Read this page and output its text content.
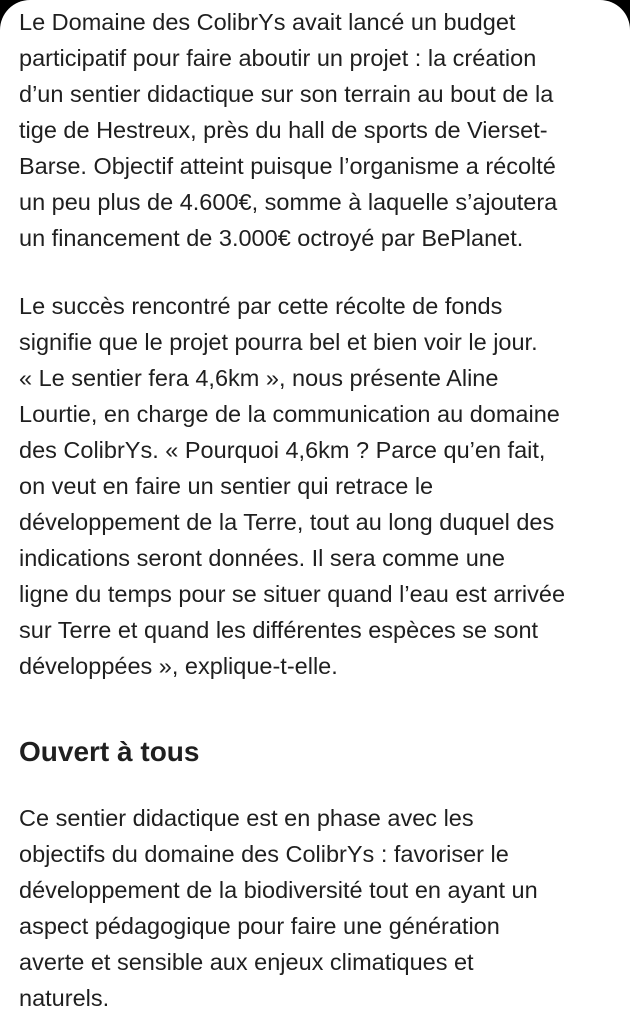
Le Domaine des ColibrYs avait lancé un budget
participatif pour faire aboutir un projet : la création
d’un sentier didactique sur son terrain au bout de la
tige de Hestreux, près du hall de sports de Vierset-
Barse. Objectif atteint puisque l’organisme a récolté
un peu plus de 4.600€, somme à laquelle s’ajoutera
un financement de 3.000€ octroyé par BePlanet.

Le succès rencontré par cette récolte de fonds
signifie que le projet pourra bel et bien voir le jour.
« Le sentier fera 4,6km », nous présente Aline
Lourtie, en charge de la communication au domaine
des ColibrYs. « Pourquoi 4,6km ? Parce qu’en fait,
on veut en faire un sentier qui retrace le
développement de la Terre, tout au long duquel des
indications seront données. Il sera comme une
ligne du temps pour se situer quand l’eau est arrivée
sur Terre et quand les différentes espèces se sont
développées », explique-t-elle.

Ouvert à tous

Ce sentier didactique est en phase avec les
objectifs du domaine des ColibrYs : favoriser le
développement de la biodiversité tout en ayant un
aspect pédagogique pour faire une génération
averte et sensible aux enjeux climatiques et
naturels.
